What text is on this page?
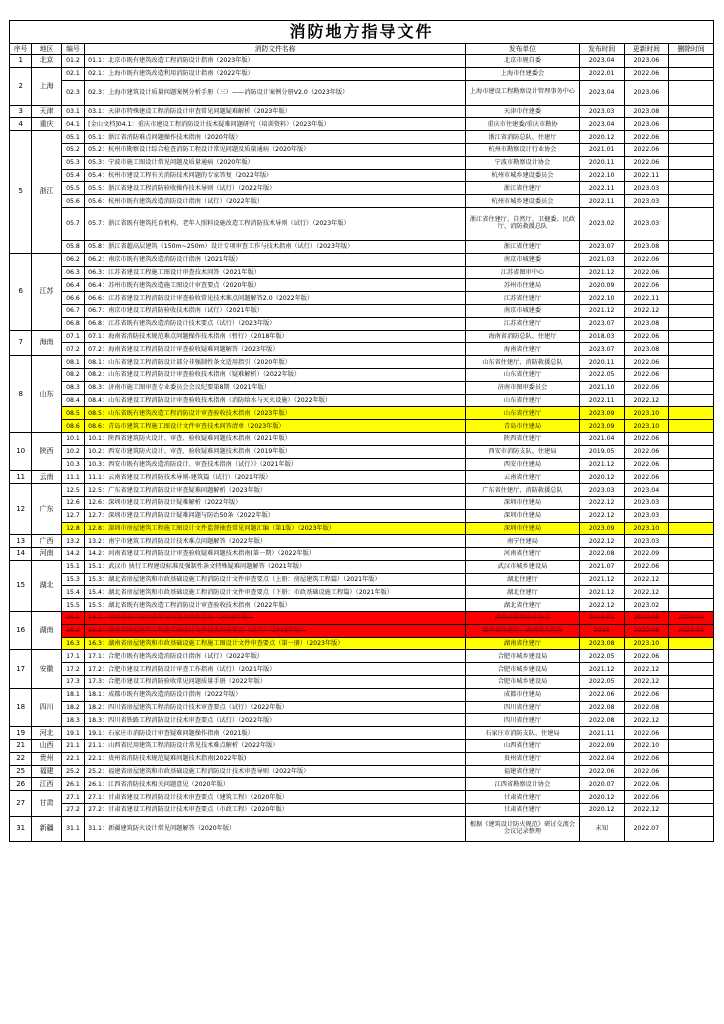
消防地方指导文件
序号	地区	编号	消防文件名称	发布单位	发布时间	更新时间	删除时间
1	北京	01.2	01.1：北京市既有建筑改造工程消防设计指南（2023年版）	北京市规自委	2023.04	2023.06	
2	上海	02.1	02.1：上海市既有建筑改造利用消防设计指南（2022年版）	上海市住建委会	2022.01	2022.06	
		02.3	02.3：上海市建筑设计质量问题案例分析手册（三）——消防设计案例分册V2.0（2023年版）	上海市建设工程勘察设计管理事务中心	2023.04	2023.06	
3	天津	03.1	03.1：天津市特殊建设工程消防设计审查常见问题疑难解析（2023年版）	天津市住建委	2023.03	2023.08	
4	重庆	04.1	[金山文档]04.1：重庆市建设工程消防设计技术疑难问题研究（培训资料）（2023年版）	重庆市住建委/重庆市勘协	2023.04	2023.06	
5	浙江	05.1	05.1：浙江省消防难点问题操作技术指南（2020年版）	浙江省消防总队、住建厅	2020.12	2022.06	
		05.2	05.2：杭州市勘察设计综合检查消防工程设计常见问题及质量通病（2020年版）	杭州市勘察设计行业协会	2021.01	2022.06	
		05.3	05.3：宁波市施工图设计常见问题及质量通病（2020年版）	宁波市勘察设计协会	2020.11	2022.06	
		05.4	05.4：杭州市建设工程有关消防技术问题的专家答复（2022年版）	杭州市城乡建设委员会	2022.10	2022.11	
		05.5	05.5：浙江省建设工程消防验收操作技术导则（试行）（2022年版）	浙江省住建厅	2022.11	2023.03	
		05.6	05.6：杭州市既有建筑改造消防设计指南（试行）（2022年版）	杭州市城乡建设委员会	2022.11	2023.03	
		05.7	05.7：浙江省既有建筑托育机构、老年人照料设施改造工程消防技术导则（试行）（2023年版）	浙江省住建厅、自然厅、卫健委、民政厅、消防救援总队	2023.02	2023.03	
		05.8	05.8：浙江省超高层建筑（150m~250m）设计专项审查工作与技术指南（试行）（2023年版）	浙江省住建厅	2023.07	2023.08	
6	江苏	06.2	06.2：南京市既有建筑改造消防设计指南（2021年版）	南京市城建委	2021.03	2022.06	
		06.3	06.3：江苏省建设工程施工图设计审查技术问答（2021年版）	江苏省图审中心	2021.12	2022.06	
		06.4	06.4：苏州市既有建筑改造施工图设计审查要点（2020年版）	苏州市住建局	2020.09	2022.06	
		06.6	06.6：江苏省建设工程消防设计审查验收常见技术难点问题解答2.0（2022年版）	江苏省住建厅	2022.10	2022.11	
		06.7	06.7：南京市建设工程消防验收技术指南（试行）（2021年版）	南京市城建委	2021.12	2022.12	
		06.8	06.8：江苏省既有建筑改造消防设计技术要点（试行）（2023年版）	江苏省住建厅	2023.07	2023.08	
7	海南	07.1	07.1：海南省消防技术规范难点问题操作技术指南（暂行）（2018年版）	海南省消防总队、住建厅	2018.03	2022.06	
		07.2	07.2：海南省建设工程消防设计审查验收疑难问题解答（2023年版）	海南省住建厅	2023.07	2023.08	
8	山东	08.1	08.1：山东省建设工程消防设计部分非强制性条文适用指引（2020年版）	山东省住建厅、消防救援总队	2020.11	2022.06	
		08.2	08.2：山东省建设工程消防设计审查验收技术指南（疑难解析）（2022年版）	山东省住建厅	2022.05	2022.06	
		08.3	08.3：济南市施工图审查专业委员会会议纪要第8期（2021年版）	济南市图审委员会	2021.10	2022.06	
		08.4	08.4：山东省建设工程消防设计审查验收技术指南（消防给水与灭火设施）（2022年版）	山东省住建厅	2022.11	2022.12	
		08.5	08.5：山东省既有建筑改造工程消防设计审查验收技术指南（2023年版）	山东省住建厅	2023.09	2023.10	
		08.6	08.6：青岛市建筑工程施工图设计文件审查技术问答清单（2023年版）	青岛市住建局	2023.09	2023.10	
10	陕西	10.1	10.1：陕西省建筑防火设计、审查、验收疑难问题技术指南（2021年版）	陕西省住建厅	2021.04	2022.06	
		10.2	10.2：西安市建筑防火设计、审查、验收疑难问题技术指南（2019年版）	西安市消防支队、住建局	2019.05	2022.06	
		10.3	10.3：西安市既有建筑改造消防设计、审查技术指南（试行）》（2021年版）	西安市住建局	2021.12	2022.06	
11	云南	11.1	11.1：云南省建设工程消防技术导则-建筑篇（试行）（2021年版）	云南省住建厅	2020.12	2022.06	
12	广东	12.5	12.5：广东省建设工程消防设计审查疑难问题解析（2023年版）	广东省住建厅、消防救援总队	2023.03	2023.04	
		12.6	12.6：深圳市建设工程消防设计疑难解析（2022年版）	深圳市住建局	2022.12	2023.03	
		12.7	12.7：深圳市建设工程消防设计疑难问题与防治50条（2022年版）	深圳市住建局	2022.12	2023.03	
		12.8	12.8：深圳市房屋建筑工程施工图设计文件监督抽查常见问题汇编（第1版）（2023年版）	深圳市住建局	2023.09	2023.10	
13	广西	13.2	13.2：南宁市建筑工程消防设计技术难点问题解答（2022年版）	南宁住建局	2022.12	2023.03	
14	河南	14.2	14.2：河南省建设工程消防设计审查验收疑难问题技术指南(第一期）（2022年版）	河南省住建厅	2022.08	2022.09	
15	湖北	15.1	15.1：武汉市 执行工程建设标准及强制性条文特殊疑难问题解答（2021年版）	武汉市城乡建设局	2021.07	2022.06	
		15.3	15.3：湖北省房屋建筑和市政基础设施工程消防设计文件审查要点（上册：房屋建筑工程篇）（2021年版）	湖北住建厅	2021.12	2022.12	
		15.4	15.4：湖北省房屋建筑和市政基础设施工程消防设计文件审查要点（下册：市政基础设施工程篇）（2021年版）	湖北住建厅	2021.12	2022.12	
		15.5	15.5：湖北省既有建筑改造工程消防设计审查验收技术指南（2022年版）	湖北省住建厅	2022.12	2023.02	
16	湖南	16.1	16.1：湖南省施工图审查常见问题及处理意见（2019年版）	湖南省勘察设计协会	2019.01	2022.06	2023.10
		16.2	16.2：湖南省房屋建筑工程施工图设计文件技术审查要点（试点）（2018年版）	湖南省住建厅、湖南省人防办	2018	2022.06	2023.10
		16.3	16.3：湖南省房屋建筑和市政基础设施工程施工图设计文件审查要点（第一册）（2023年版）	湖南省住建厅	2023.08	2023.10	
17	安徽	17.1	17.1：合肥市既有建筑改造消防设计指南（试行）（2022年版）	合肥市城乡建设局	2022.05	2022.06	
		17.2	17.2：合肥市建设工程消防设计审查工作指南（试行）（2021年版）	合肥市城乡建设局	2021.12	2022.12	
		17.3	17.3：合肥市建设工程消防验收常见问题质量手册（2022年版）	合肥市城乡建设局	2022.05	2022.12	
18	四川	18.1	18.1：成都市既有建筑改造消防设计指南（2022年版）	成都市住建局	2022.06	2022.06	
		18.2	18.2：四川省房屋建筑工程消防设计技术审查要点（试行）（2022年版）	四川省住建厅	2022.08	2022.08	
		18.3	18.3：四川省铁路工程消防设计技术审查要点（试行）（2022年版）	四川省住建厅	2022.08	2022.12	
19	河北	19.1	19.1：石家庄市消防设计审查疑难问题操作指南（2021版）	石家庄市消防支队、住建局	2021.11	2022.06	
21	山西	21.1	21.1：山西省民用建筑工程消防设计常见技术难点解析（2022年版）	山西省住建厅	2022.09	2022.10	
22	贵州	22.1	22.1：贵州省消防技术规范疑难问题技术指南(2022年版)	贵州省住建厅	2022.04	2022.06	
25	福建	25.2	25.2：福建省房屋建筑和市政基础设施工程消防设计技术审查导则（2022年版）	福建省住建厅	2022.06	2022.06	
26	江西	26.1	26.1：江西省消防技术相关问题意见（2020年版）	江西省勘察设计协会	2020.07	2022.06	
27	甘肃	27.1	27.1：甘肃省建设工程消防设计技术审查要点（建筑工程）（2020年版）	甘肃省住建厅	2020.12	2022.06	
		27.2	27.2：甘肃省建设工程消防设计技术审查要点（市政工程）（2020年版）	甘肃省住建厅	2020.12	2022.12	
31	新疆	31.1	31.1：新疆建筑防火设计常见问题解答（2020年版）	根据《建筑设计防火规范》研讨交流会会议记录整理	未知	2022.07	
